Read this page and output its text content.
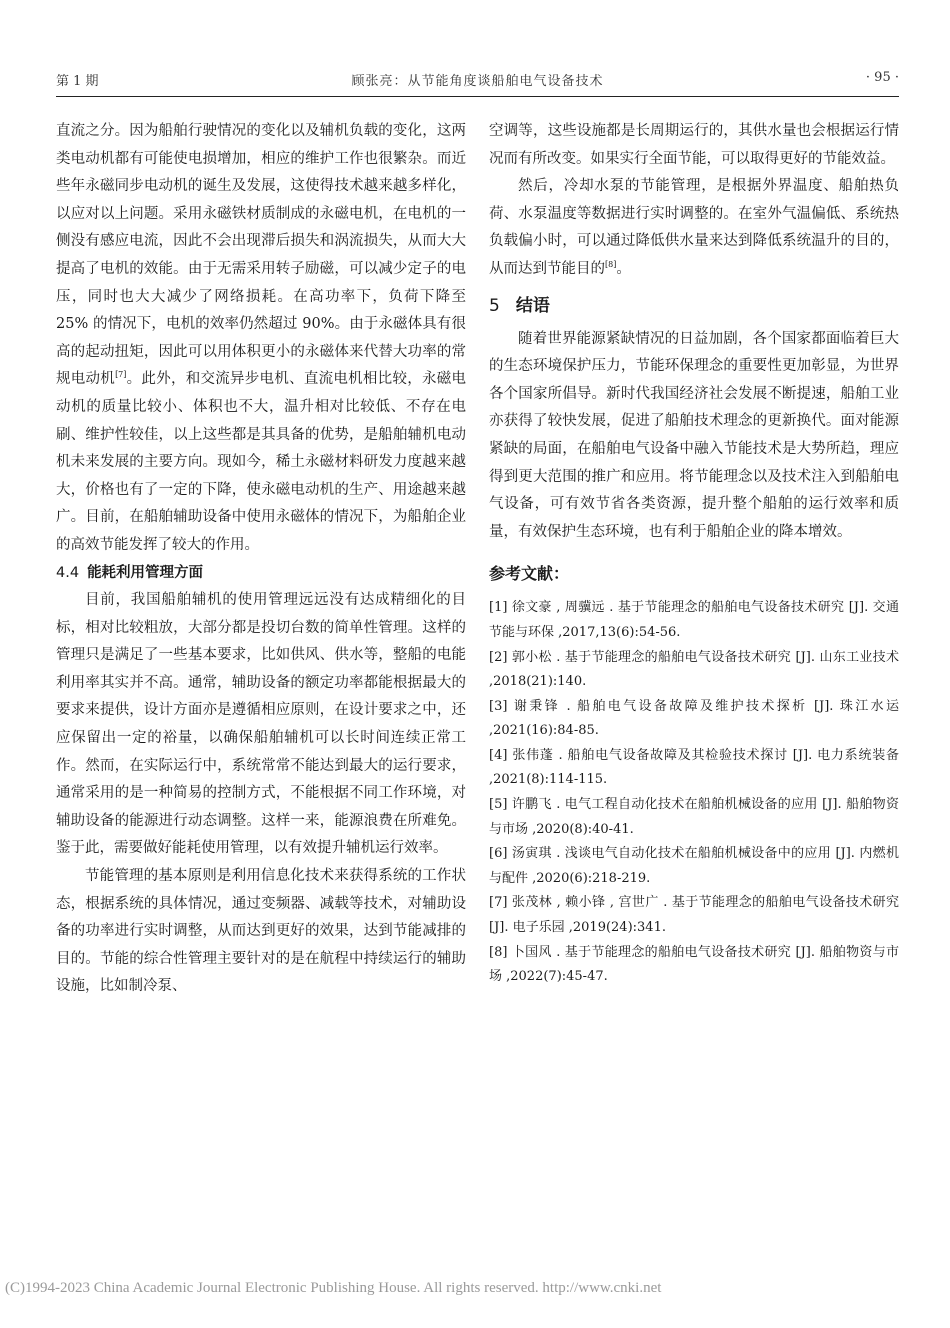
第 1 期	顾张亮：从节能角度谈船舶电气设备技术	· 95 ·

直流之分。因为船舶行驶情况的变化以及辅机负载的变化，这两类电动机都有可能使电损增加，相应的维护工作也很繁杂。而近些年永磁同步电动机的诞生及发展，这使得技术越来越多样化，以应对以上问题。采用永磁铁材质制成的永磁电机，在电机的一侧没有感应电流，因此不会出现滞后损失和涡流损失，从而大大提高了电机的效能。由于无需采用转子励磁，可以减少定子的电压，同时也大大减少了网络损耗。在高功率下，负荷下降至 25% 的情况下，电机的效率仍然超过 90%。由于永磁体具有很高的起动扭矩，因此可以用体积更小的永磁体来代替大功率的常规电动机[7]。此外，和交流异步电机、直流电机相比较，永磁电动机的质量比较小、体积也不大，温升相对比较低、不存在电刷、维护性较佳，以上这些都是其具备的优势，是船舶辅机电动机未来发展的主要方向。现如今，稀土永磁材料研发力度越来越大，价格也有了一定的下降，使永磁电动机的生产、用途越来越广。目前，在船舶辅助设备中使用永磁体的情况下，为船舶企业的高效节能发挥了较大的作用。

4.4 能耗利用管理方面

目前，我国船舶辅机的使用管理远远没有达成精细化的目标，相对比较粗放，大部分都是投切台数的简单性管理。这样的管理只是满足了一些基本要求，比如供风、供水等，整船的电能利用率其实并不高。通常，辅助设备的额定功率都能根据最大的要求来提供，设计方面亦是遵循相应原则，在设计要求之中，还应保留出一定的裕量，以确保船舶辅机可以长时间连续正常工作。然而，在实际运行中，系统常常不能达到最大的运行要求，通常采用的是一种简易的控制方式，不能根据不同工作环境，对辅助设备的能源进行动态调整。这样一来，能源浪费在所难免。鉴于此，需要做好能耗使用管理，以有效提升辅机运行效率。

节能管理的基本原则是利用信息化技术来获得系统的工作状态，根据系统的具体情况，通过变频器、减载等技术，对辅助设备的功率进行实时调整，从而达到更好的效果，达到节能减排的目的。节能的综合性管理主要针对的是在航程中持续运行的辅助设施，比如制冷泵、

空调等，这些设施都是长周期运行的，其供水量也会根据运行情况而有所改变。如果实行全面节能，可以取得更好的节能效益。

然后，冷却水泵的节能管理，是根据外界温度、船舶热负荷、水泵温度等数据进行实时调整的。在室外气温偏低、系统热负载偏小时，可以通过降低供水量来达到降低系统温升的目的，从而达到节能目的[8]。

5 结语

随着世界能源紧缺情况的日益加剧，各个国家都面临着巨大的生态环境保护压力，节能环保理念的重要性更加彰显，为世界各个国家所倡导。新时代我国经济社会发展不断提速，船舶工业亦获得了较快发展，促进了船舶技术理念的更新换代。面对能源紧缺的局面，在船舶电气设备中融入节能技术是大势所趋，理应得到更大范围的推广和应用。将节能理念以及技术注入到船舶电气设备，可有效节省各类资源，提升整个船舶的运行效率和质量，有效保护生态环境，也有利于船舶企业的降本增效。

参考文献：
[1] 徐文豪 , 周骥远 . 基于节能理念的船舶电气设备技术研究 [J]. 交通节能与环保 ,2017,13(6):54-56.
[2] 郭小松 . 基于节能理念的船舶电气设备技术研究 [J]. 山东工业技术 ,2018(21):140.
[3] 谢秉锋 . 船舶电气设备故障及维护技术探析 [J]. 珠江水运 ,2021(16):84-85.
[4] 张伟蓬 . 船舶电气设备故障及其检验技术探讨 [J]. 电力系统装备 ,2021(8):114-115.
[5] 许鹏飞 . 电气工程自动化技术在船舶机械设备的应用 [J]. 船舶物资与市场 ,2020(8):40-41.
[6] 汤寅琪 . 浅谈电气自动化技术在船舶机械设备中的应用 [J]. 内燃机与配件 ,2020(6):218-219.
[7] 张茂林 , 赖小锋 , 宫世广 . 基于节能理念的船舶电气设备技术研究 [J]. 电子乐园 ,2019(24):341.
[8] 卜国风 . 基于节能理念的船舶电气设备技术研究 [J]. 船舶物资与市场 ,2022(7):45-47.
(C)1994-2023 China Academic Journal Electronic Publishing House. All rights reserved. http://www.cnki.net
